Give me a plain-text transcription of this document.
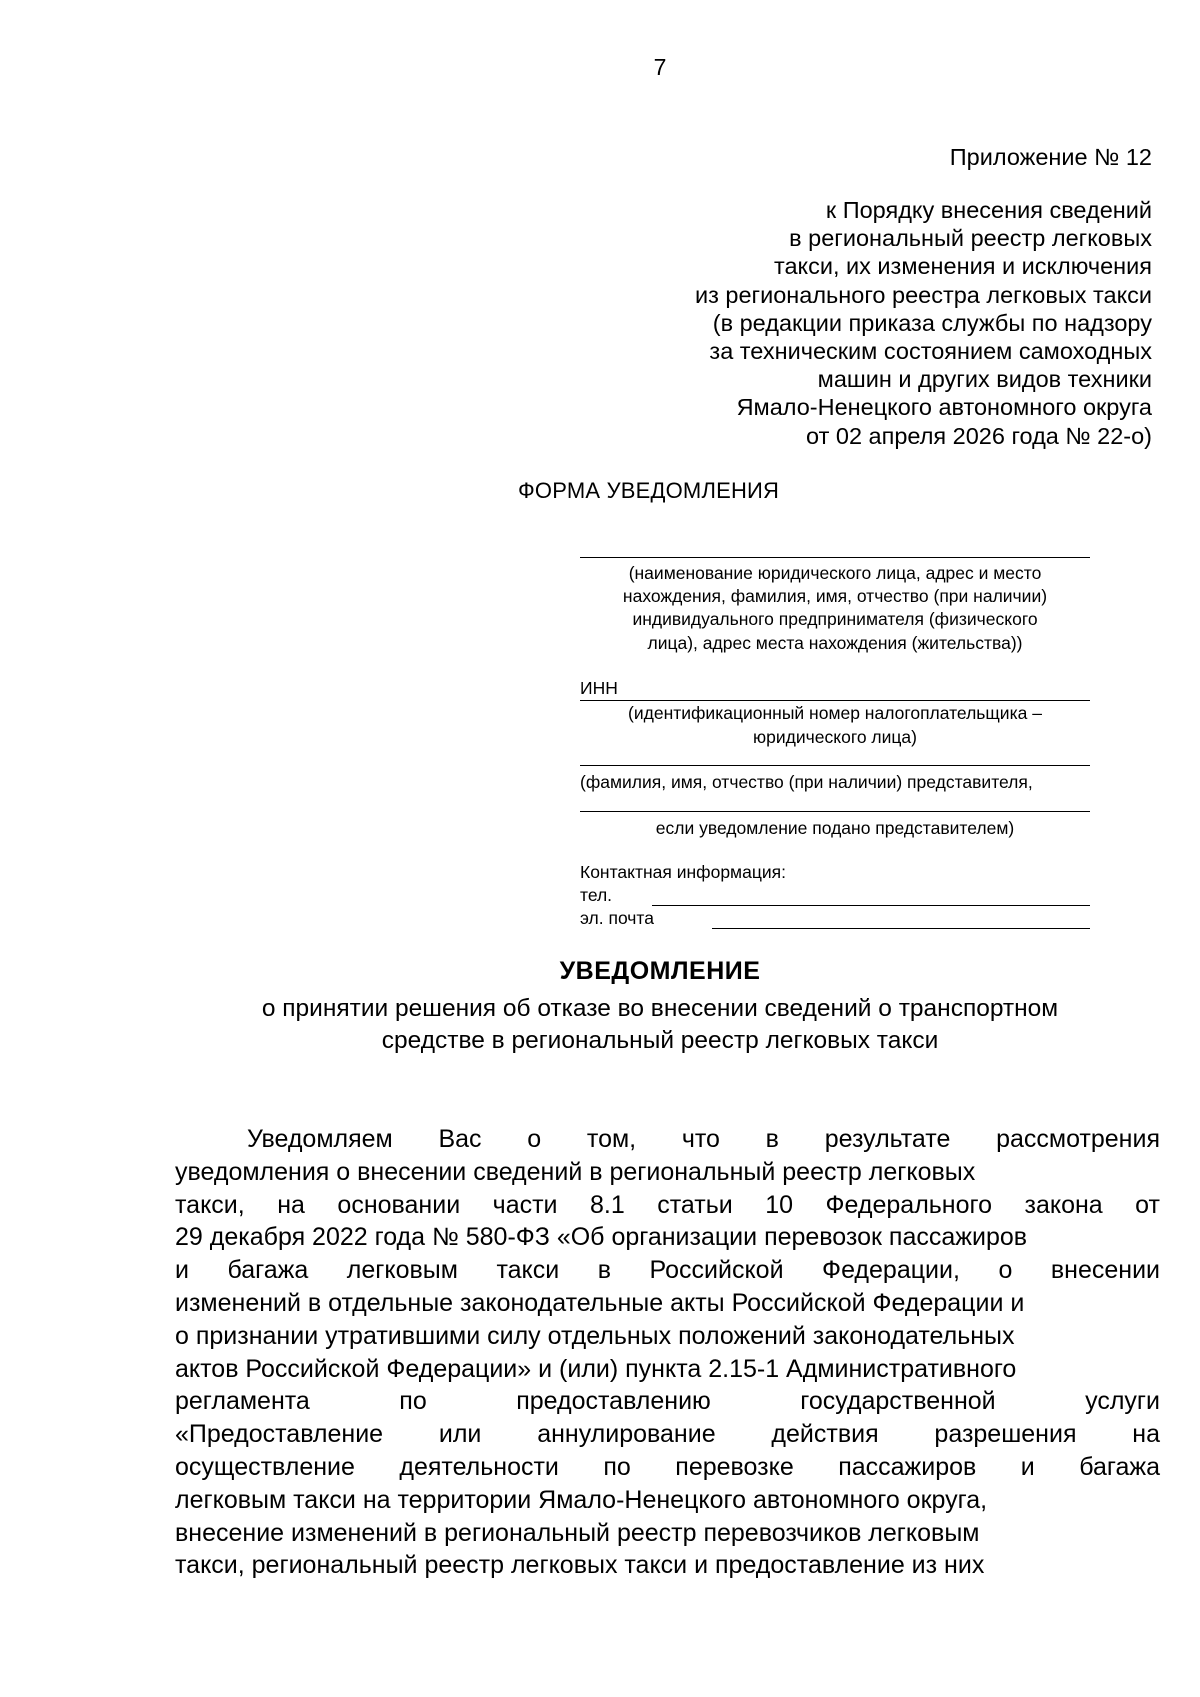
7
Приложение № 12
к Порядку внесения сведений
в региональный реестр легковых
такси, их изменения и исключения
из регионального реестра легковых такси
(в редакции приказа службы по надзору
за техническим состоянием самоходных
машин и других видов техники
Ямало-Ненецкого автономного округа
от 02 апреля 2026 года № 22-о)
ФОРМА УВЕДОМЛЕНИЯ
(наименование юридического лица, адрес и место
нахождения, фамилия, имя, отчество (при наличии)
индивидуального предпринимателя (физического
лица), адрес места нахождения (жительства))
ИНН
(идентификационный номер налогоплательщика –
юридического лица)
(фамилия, имя, отчество (при наличии) представителя,
если уведомление подано представителем)
Контактная информация:
тел.
эл. почта
УВЕДОМЛЕНИЕ
о принятии решения об отказе во внесении сведений о транспортном
средстве в региональный реестр легковых такси
Уведомляем Вас о том, что в результате рассмотрения
уведомления о внесении сведений в региональный реестр легковых
такси, на основании части 8.1 статьи 10 Федерального закона от
29 декабря 2022 года № 580-ФЗ «Об организации перевозок пассажиров
и багажа легковым такси в Российской Федерации, о внесении
изменений в отдельные законодательные акты Российской Федерации и
о признании утратившими силу отдельных положений законодательных
актов Российской Федерации» и (или) пункта 2.15-1 Административного
регламента по предоставлению государственной услуги
«Предоставление или аннулирование действия разрешения на
осуществление деятельности по перевозке пассажиров и багажа
легковым такси на территории Ямало-Ненецкого автономного округа,
внесение изменений в региональный реестр перевозчиков легковым
такси, региональный реестр легковых такси и предоставление из них
